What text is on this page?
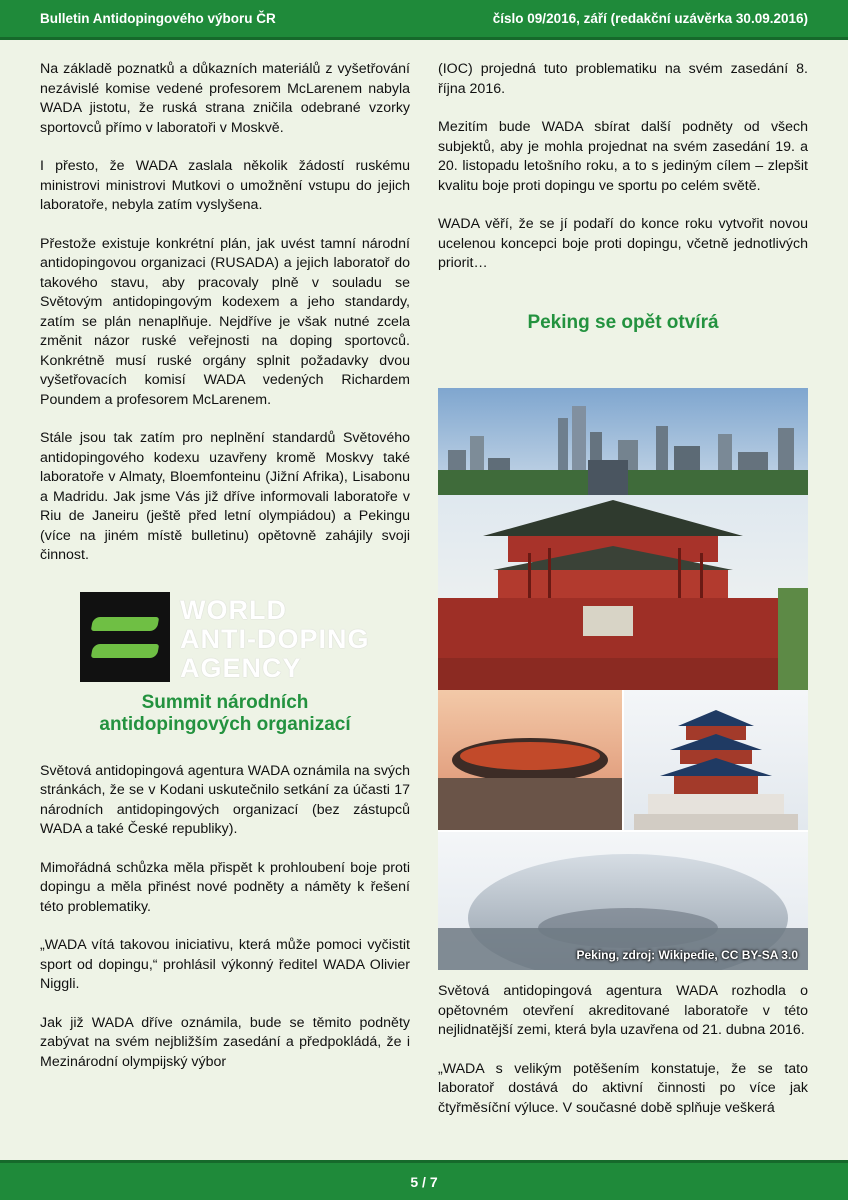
Bulletin Antidopingového výboru ČR	číslo 09/2016, září (redakční uzávěrka 30.09.2016)

Na základě poznatků a důkazních materiálů z vyšetřování nezávislé komise vedené profesorem McLarenem nabyla WADA jistotu, že ruská strana zničila odebrané vzorky sportovců přímo v laboratoři v Moskvě.

I přesto, že WADA zaslala několik žádostí ruskému ministrovi ministrovi Mutkovi o umožnění vstupu do jejich laboratoře, nebyla zatím vyslyšena.

Přestože existuje konkrétní plán, jak uvést tamní národní antidopingovou organizaci (RUSADA) a jejich laboratoř do takového stavu, aby pracovaly plně v souladu se Světovým antidopingovým kodexem a jeho standardy, zatím se plán nenaplňuje. Nejdříve je však nutné zcela změnit názor ruské veřejnosti na doping sportovců. Konkrétně musí ruské orgány splnit požadavky dvou vyšetřovacích komisí WADA vedených Richardem Poundem a profesorem McLarenem.

Stále jsou tak zatím pro neplnění standardů Světového antidopingového kodexu uzavřeny kromě Moskvy také laboratoře v Almaty, Bloemfonteinu (Jižní Afrika), Lisabonu a Madridu. Jak jsme Vás již dříve informovali laboratoře v Riu de Janeiru (ještě před letní olympiádou) a Pekingu (více na jiném místě bulletinu) opětovně zahájily svoji činnost.

WORLD
ANTI-DOPING
AGENCY
Summit národních
antidopingových organizací

Světová antidopingová agentura WADA oznámila na svých stránkách, že se v Kodani uskutečnilo setkání za účasti 17 národních antidopingových organizací (bez zástupců WADA a také České republiky).

Mimořádná schůzka měla přispět k prohloubení boje proti dopingu a měla přinést nové podněty a náměty k řešení této problematiky.

„WADA vítá takovou iniciativu, která může pomoci vyčistit sport od dopingu,“ prohlásil výkonný ředitel WADA Olivier Niggli.

Jak již WADA dříve oznámila, bude se těmito podněty zabývat na svém nejbližším zasedání a předpokládá, že i Mezinárodní olympijský výbor

(IOC) projedná tuto problematiku na svém zasedání 8. října 2016.

Mezitím bude WADA sbírat další podněty od všech subjektů, aby je mohla projednat na svém zasedání 19. a 20. listopadu letošního roku, a to s jediným cílem – zlepšit kvalitu boje proti dopingu ve sportu po celém světě.

WADA věří, že se jí podaří do konce roku vytvořit novou ucelenou koncepci boje proti dopingu, včetně jednotlivých priorit…

Peking se opět otvírá
Peking, zdroj: Wikipedie, CC BY-SA 3.0

Světová antidopingová agentura WADA rozhodla o opětovném otevření akreditované laboratoře v této nejlidnatější zemi, která byla uzavřena od 21. dubna 2016.

„WADA s velikým potěšením konstatuje, že se tato laboratoř dostává do aktivní činnosti po více jak čtyřměsíční výluce. V současné době splňuje veškerá

5 / 7
